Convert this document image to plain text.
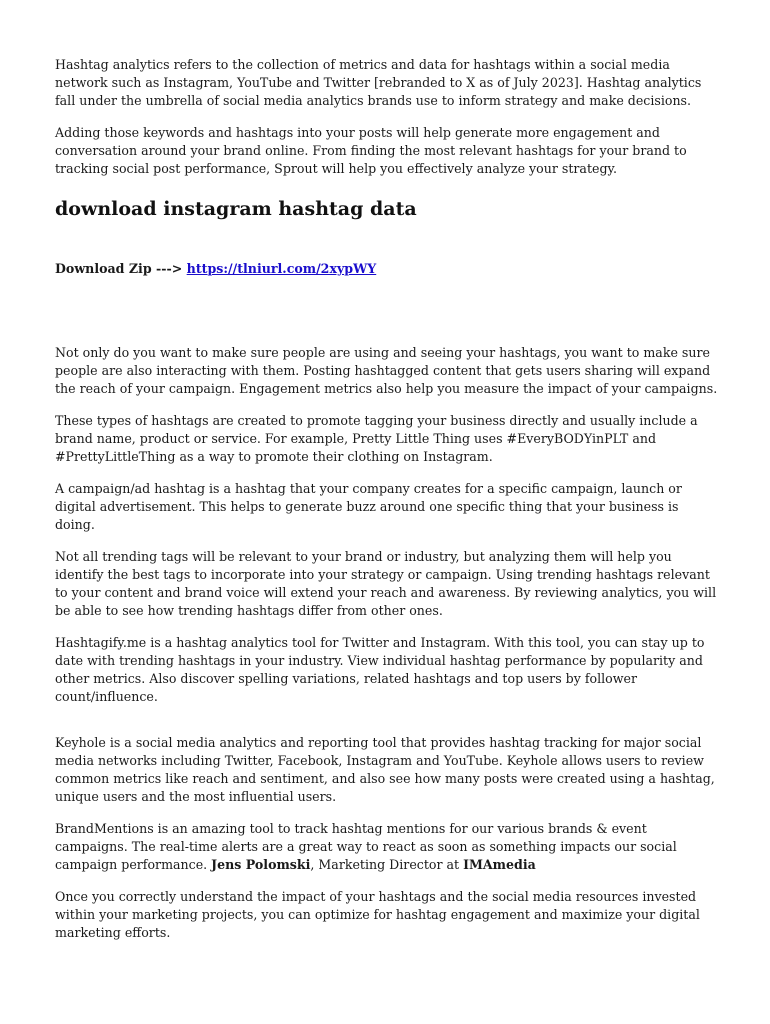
Hashtag analytics refers to the collection of metrics and data for hashtags within a social media network such as Instagram, YouTube and Twitter [rebranded to X as of July 2023]. Hashtag analytics fall under the umbrella of social media analytics brands use to inform strategy and make decisions.

Adding those keywords and hashtags into your posts will help generate more engagement and conversation around your brand online. From finding the most relevant hashtags for your brand to tracking social post performance, Sprout will help you effectively analyze your strategy.

download instagram hashtag data
Download Zip ---> https://tlniurl.com/2xypWY

Not only do you want to make sure people are using and seeing your hashtags, you want to make sure people are also interacting with them. Posting hashtagged content that gets users sharing will expand the reach of your campaign. Engagement metrics also help you measure the impact of your campaigns.

These types of hashtags are created to promote tagging your business directly and usually include a brand name, product or service. For example, Pretty Little Thing uses #EveryBODYinPLT and #PrettyLittleThing as a way to promote their clothing on Instagram.

A campaign/ad hashtag is a hashtag that your company creates for a specific campaign, launch or digital advertisement. This helps to generate buzz around one specific thing that your business is doing.

Not all trending tags will be relevant to your brand or industry, but analyzing them will help you identify the best tags to incorporate into your strategy or campaign. Using trending hashtags relevant to your content and brand voice will extend your reach and awareness. By reviewing analytics, you will be able to see how trending hashtags differ from other ones.

Hashtagify.me is a hashtag analytics tool for Twitter and Instagram. With this tool, you can stay up to date with trending hashtags in your industry. View individual hashtag performance by popularity and other metrics. Also discover spelling variations, related hashtags and top users by follower count/influence.

Keyhole is a social media analytics and reporting tool that provides hashtag tracking for major social media networks including Twitter, Facebook, Instagram and YouTube. Keyhole allows users to review common metrics like reach and sentiment, and also see how many posts were created using a hashtag, unique users and the most influential users.

BrandMentions is an amazing tool to track hashtag mentions for our various brands & event campaigns. The real-time alerts are a great way to react as soon as something impacts our social campaign performance. Jens Polomski, Marketing Director at IMAmedia

Once you correctly understand the impact of your hashtags and the social media resources invested within your marketing projects, you can optimize for hashtag engagement and maximize your digital marketing efforts.
